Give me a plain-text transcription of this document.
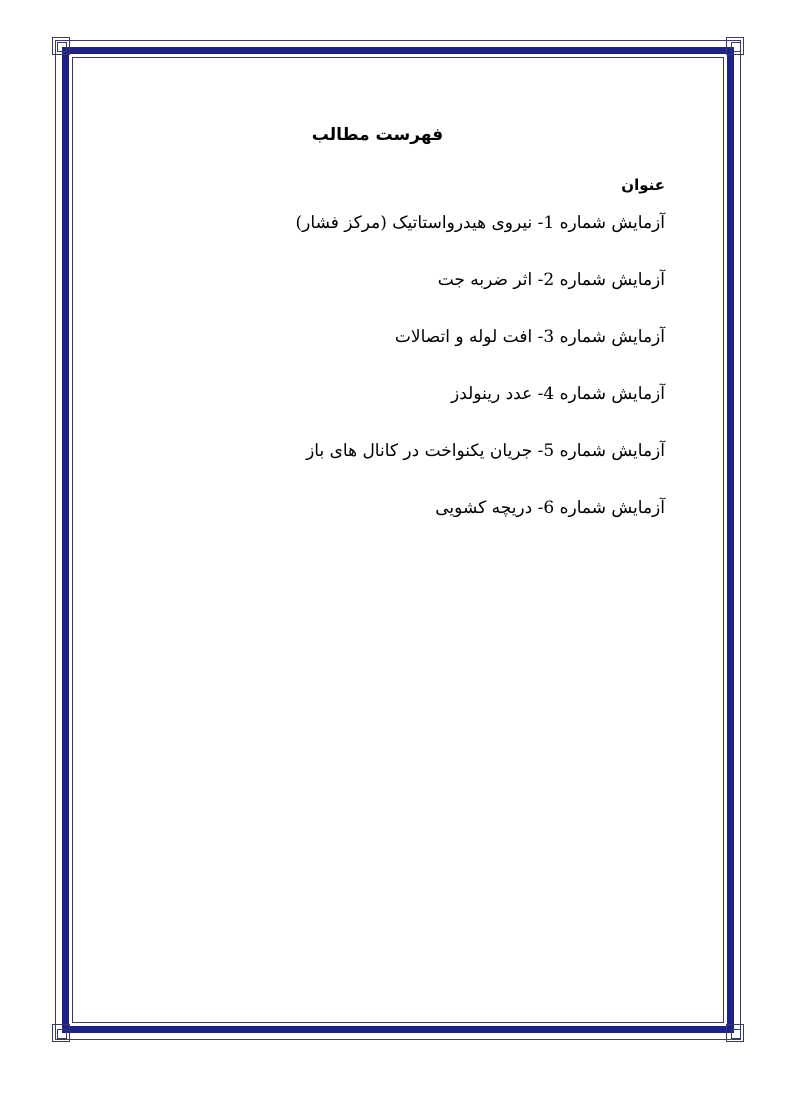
فهرست مطالب
عنوان
آزمایش شماره 1- نیروی هیدرواستاتیک (مرکز فشار)
آزمایش شماره 2- اثر ضربه جت
آزمایش شماره 3- افت لوله و اتصالات
آزمایش شماره 4- عدد رینولدز
آزمایش شماره 5- جریان یکنواخت در کانال های باز
آزمایش شماره 6- دریچه کشویی
